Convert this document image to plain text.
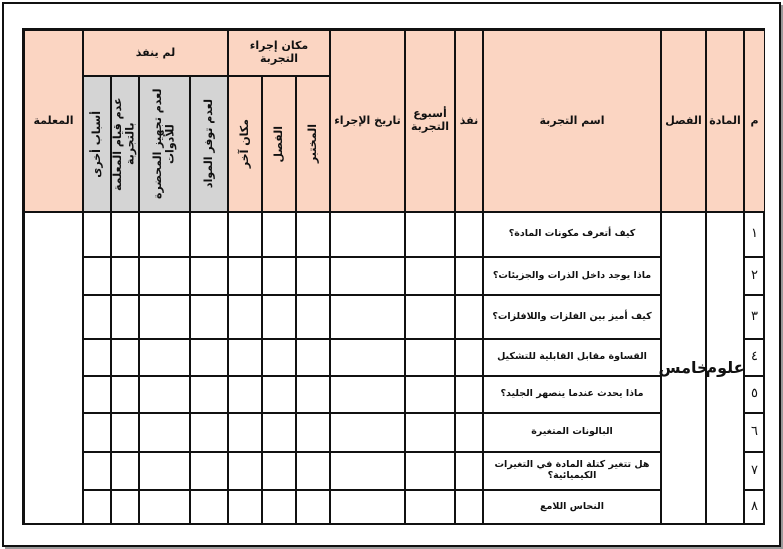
م
المادة
الفصل
اسم التجربة
نفذ
أسبوع التجربة
تاريخ الإجراء
مكان إجراء التجربة
المختبر
الفصل
مكان آخر
لم ينفذ
لعدم توفر المواد
لعدم تجهيز المحضرة للأدوات
عدم قيام المعلمة بالتجربة
أسباب أخرى
المعلمة
علوم
خامس
١
كيف أتعرف مكونات المادة؟
٢
ماذا يوجد داخل الذرات والجزيئات؟
٣
كيف أميز بين الفلزات واللافلزات؟
٤
القساوة مقابل القابلية للتشكيل
٥
ماذا يحدث عندما ينصهر الجليد؟
٦
البالونات المتغيرة
٧
هل تتغير كتلة المادة في التغيرات الكيميائية؟
٨
النحاس اللامع
